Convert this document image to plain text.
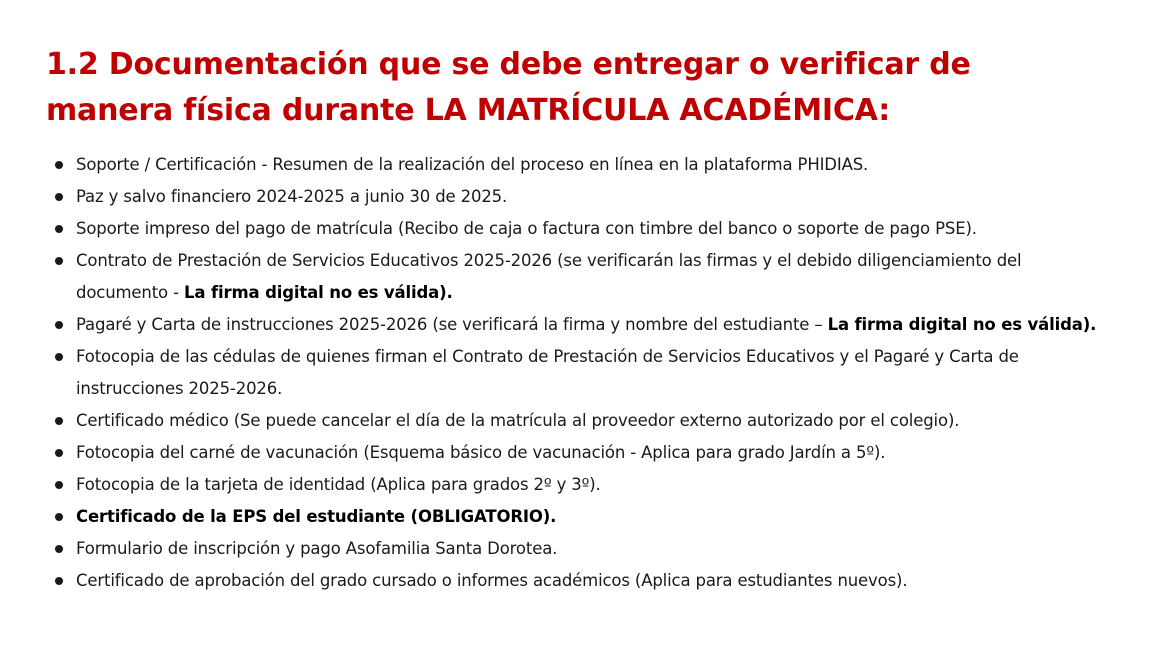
1.2 Documentación que se debe entregar o verificar de
manera física durante LA MATRÍCULA ACADÉMICA:
Soporte / Certificación - Resumen de la realización del proceso en línea en la plataforma PHIDIAS.
Paz y salvo financiero 2024-2025 a junio 30 de 2025.
Soporte impreso del pago de matrícula (Recibo de caja o factura con timbre del banco o soporte de pago PSE).
Contrato de Prestación de Servicios Educativos 2025-2026 (se verificarán las firmas y el debido diligenciamiento del documento - La firma digital no es válida).
Pagaré y Carta de instrucciones 2025-2026 (se verificará la firma y nombre del estudiante – La firma digital no es válida).
Fotocopia de las cédulas de quienes firman el Contrato de Prestación de Servicios Educativos y el Pagaré y Carta de instrucciones 2025-2026.
Certificado médico (Se puede cancelar el día de la matrícula al proveedor externo autorizado por el colegio).
Fotocopia del carné de vacunación (Esquema básico de vacunación - Aplica para grado Jardín a 5º).
Fotocopia de la tarjeta de identidad (Aplica para grados 2º y 3º).
Certificado de la EPS del estudiante (OBLIGATORIO).
Formulario de inscripción y pago Asofamilia Santa Dorotea.
Certificado de aprobación del grado cursado o informes académicos (Aplica para estudiantes nuevos).
